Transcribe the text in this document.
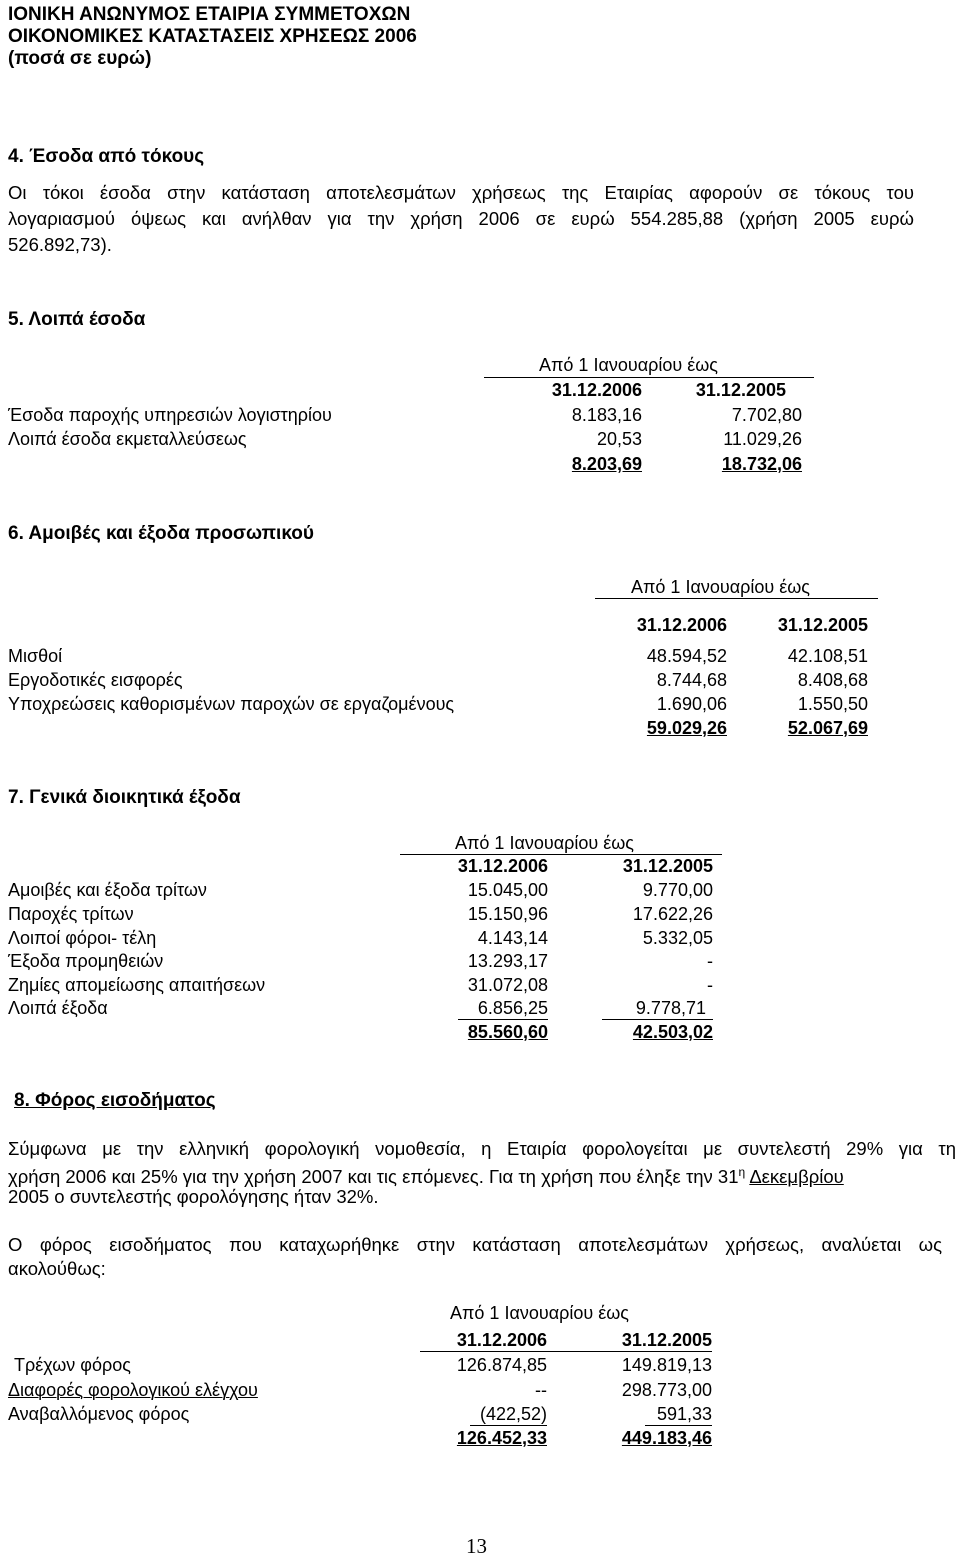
ΙΟΝΙΚΗ ΑΝΩΝΥΜΟΣ ΕΤΑΙΡΙΑ ΣΥΜΜΕΤΟΧΩΝ
ΟΙΚΟΝΟΜΙΚΕΣ ΚΑΤΑΣΤΑΣΕΙΣ ΧΡΗΣΕΩΣ 2006
(ποσά σε ευρώ)
4. Έσοδα από τόκους
Οι τόκοι έσοδα στην κατάσταση αποτελεσμάτων χρήσεως της Εταιρίας αφορούν σε τόκους του
λογαριασμού όψεως και ανήλθαν για την χρήση 2006 σε ευρώ 554.285,88 (χρήση 2005 ευρώ
526.892,73).
5. Λοιπά έσοδα
Από 1 Ιανουαρίου έως
31.12.2006	31.12.2005
Έσοδα παροχής υπηρεσιών λογιστηρίου	8.183,16	7.702,80
Λοιπά έσοδα εκμεταλλεύσεως	20,53	11.029,26
8.203,69	18.732,06
6. Αμοιβές και έξοδα προσωπικού
Από 1 Ιανουαρίου έως
31.12.2006	31.12.2005
Μισθοί	48.594,52	42.108,51
Εργοδοτικές εισφορές	8.744,68	8.408,68
Υποχρεώσεις καθορισμένων παροχών σε εργαζομένους	1.690,06	1.550,50
59.029,26	52.067,69
7. Γενικά διοικητικά έξοδα
Από 1 Ιανουαρίου έως
31.12.2006	31.12.2005
Αμοιβές και έξοδα τρίτων	15.045,00	9.770,00
Παροχές τρίτων	15.150,96	17.622,26
Λοιποί φόροι- τέλη	4.143,14	5.332,05
Έξοδα προμηθειών	13.293,17	-
Ζημίες απομείωσης απαιτήσεων	31.072,08	-
Λοιπά έξοδα	6.856,25	9.778,71
85.560,60	42.503,02
8. Φόρος εισοδήματος
Σύμφωνα με την ελληνική φορολογική νομοθεσία, η Εταιρία φορολογείται με συντελεστή 29% για τη
χρήση 2006 και 25% για την χρήση 2007 και τις επόμενες. Για τη χρήση που έληξε την $31^\eta$ Δεκεμβρίου
2005 ο συντελεστής φορολόγησης ήταν 32%.
Ο φόρος εισοδήματος που καταχωρήθηκε στην κατάσταση αποτελεσμάτων χρήσεως, αναλύεται ως
ακολούθως:
Από 1 Ιανουαρίου έως
31.12.2006	31.12.2005
Τρέχων φόρος	126.874,85	149.819,13
Διαφορές φορολογικού ελέγχου	--	298.773,00
Αναβαλλόμενος φόρος	(422,52)	591,33
126.452,33	449.183,46
13
